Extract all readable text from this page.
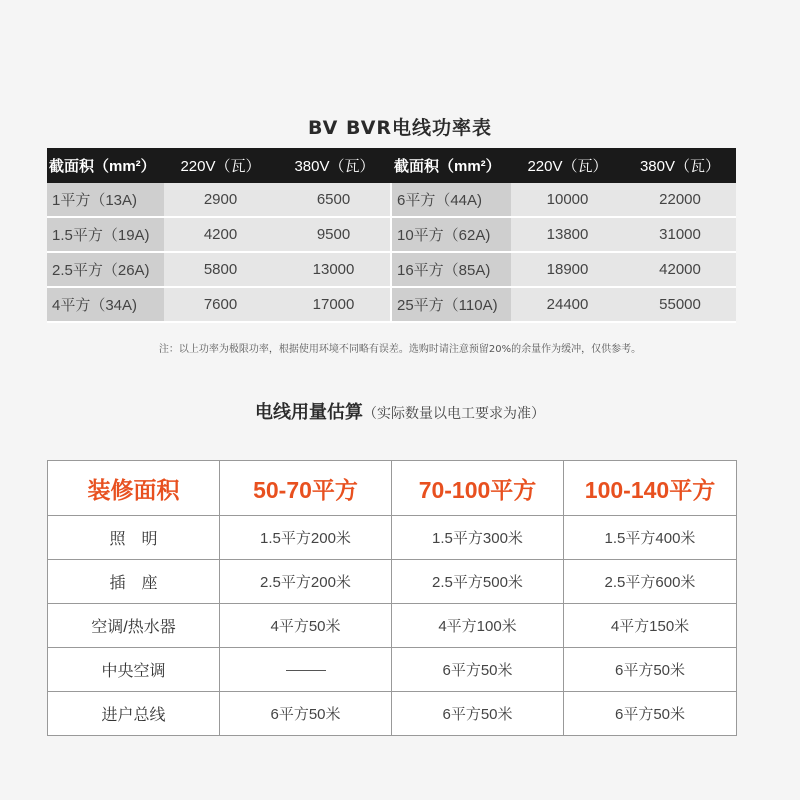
BV BVR电线功率表
截面积（mm²）	220V（瓦）	380V（瓦）	截面积（mm²）	220V（瓦）	380V（瓦）
1平方（13A)	2900	6500	6平方（44A)	10000	22000
1.5平方（19A)	4200	9500	10平方（62A)	13800	31000
2.5平方（26A)	5800	13000	16平方（85A)	18900	42000
4平方（34A)	7600	17000	25平方（110A)	24400	55000
注：以上功率为极限功率，根据使用环境不同略有误差。选购时请注意预留20%的余量作为缓冲，仅供参考。
电线用量估算（实际数量以电工要求为准）
装修面积	50-70平方	70-100平方	100-140平方
照　明	1.5平方200米	1.5平方300米	1.5平方400米
插　座	2.5平方200米	2.5平方500米	2.5平方600米
空调/热水器	4平方50米	4平方100米	4平方150米
中央空调		6平方50米	6平方50米
进户总线	6平方50米	6平方50米	6平方50米
